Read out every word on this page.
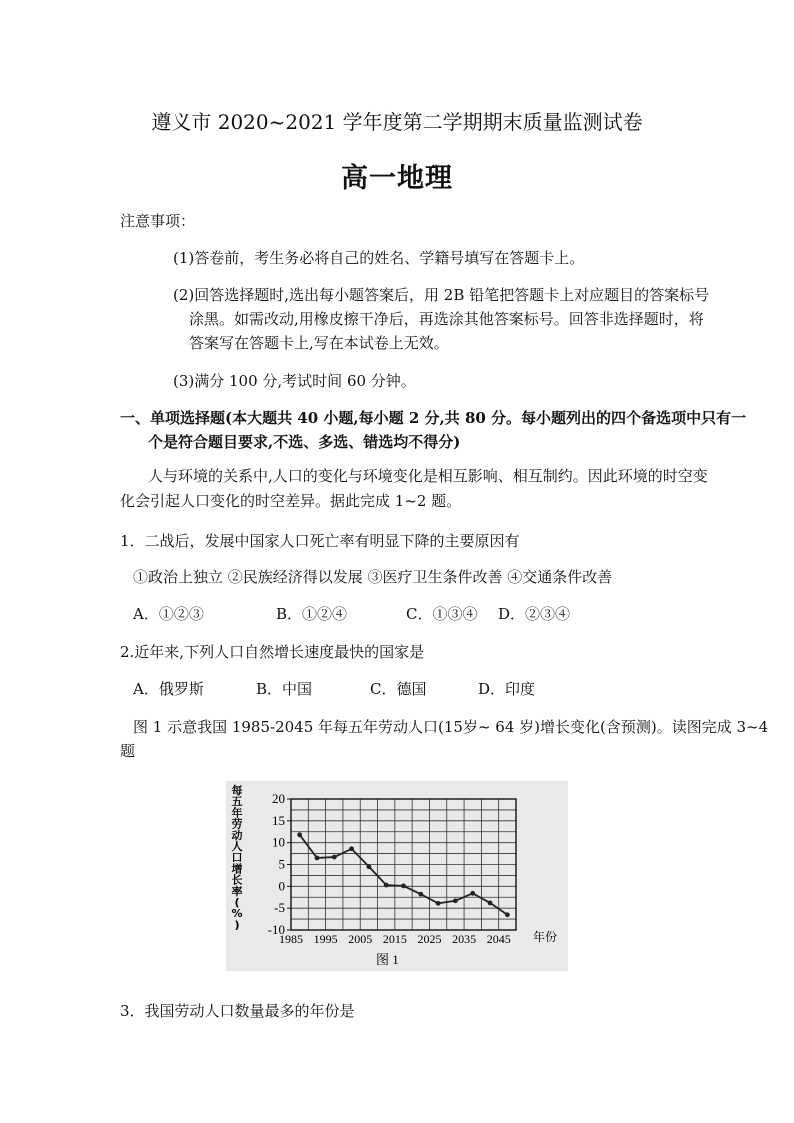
遵义市 2020~2021 学年度第二学期期末质量监测试卷
高一地理
注意事项：
(1)答卷前，考生务必将自己的姓名、学籍号填写在答题卡上。
(2)回答选择题时,选出每小题答案后，用 2B 铅笔把答题卡上对应题目的答案标号
涂黑。如需改动,用橡皮擦干净后，再选涂其他答案标号。回答非选择题时，将
答案写在答题卡上,写在本试卷上无效。
(3)满分 100 分,考试时间 60 分钟。
一、单项选择题(本大题共 40 小题,每小题 2 分,共 80 分。每小题列出的四个备选项中只有一
个是符合题目要求,不选、多选、错选均不得分)
人与环境的关系中,人口的变化与环境变化是相互影响、相互制约。因此环境的时空变
化会引起人口变化的时空差异。据此完成 1~2 题。
1．二战后，发展中国家人口死亡率有明显下降的主要原因有
①政治上独立 ②民族经济得以发展 ③医疗卫生条件改善 ④交通条件改善
A．①②③	B．①②④	C．①③④ D．②③④
2.近年来,下列人口自然增长速度最快的国家是
A．俄罗斯	B．中国	C．德国	D．印度
图 1 示意我国 1985-2045 年每五年劳动人口(15岁~ 64 岁)增长变化(含预测)。读图完成 3~4
题
每
五
年
劳
动
人
口
增
长
率
(
%
)
20
15
10
5
0
-5
-10
1985 1995 2005 2015 2025 2035 2045 年份
图 1
3．我国劳动人口数量最多的年份是
